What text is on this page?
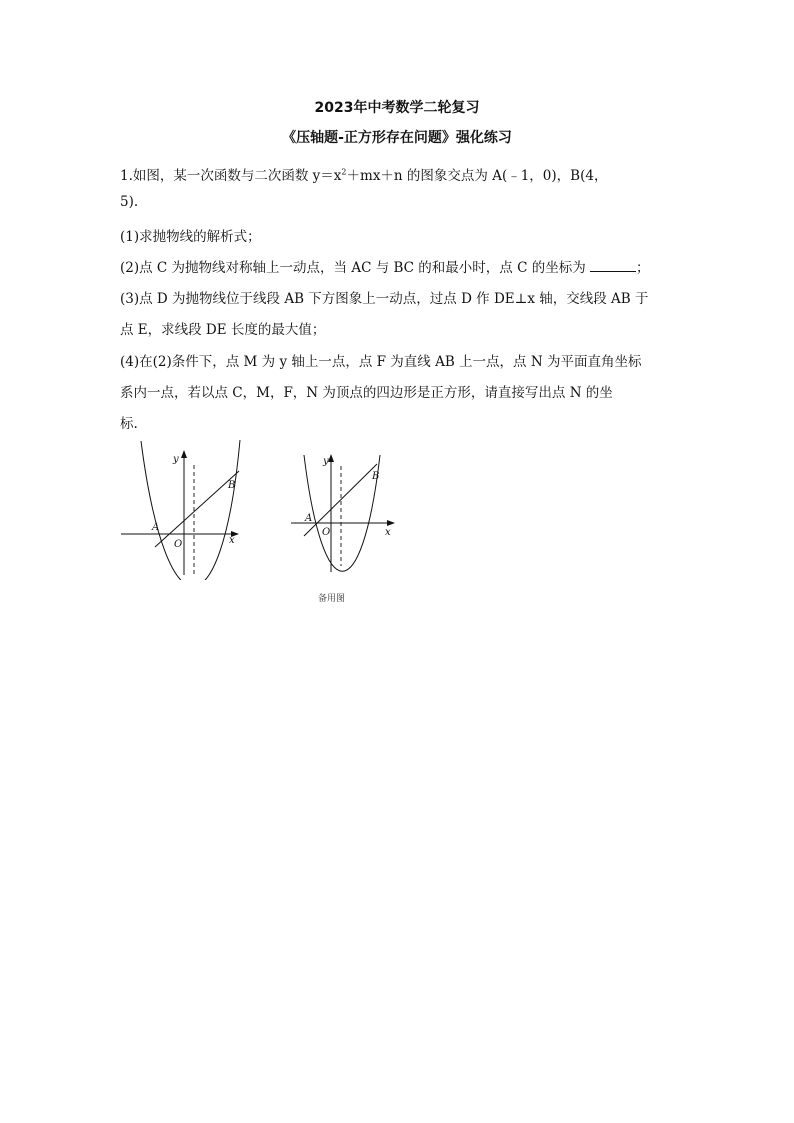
2023年中考数学二轮复习
《压轴题-正方形存在问题》强化练习
1.如图，某一次函数与二次函数 $y=x^2+mx+n$ 的图象交点为 A(﹣1，0)，B(4，
5).
(1)求抛物线的解析式；
(2)点 C 为抛物线对称轴上一动点，当 AC 与 BC 的和最小时，点 C 的坐标为	；
(3)点 D 为抛物线位于线段 AB 下方图象上一动点，过点 D 作 DE⊥x 轴，交线段 AB 于
点 E，求线段 DE 长度的最大值；
(4)在(2)条件下，点 M 为 y 轴上一点，点 F 为直线 AB 上一点，点 N 为平面直角坐标
系内一点，若以点 C，M，F，N 为顶点的四边形是正方形，请直接写出点 N 的坐
标.
B
A
O	x
y
B
A
O	x
y
备用图
